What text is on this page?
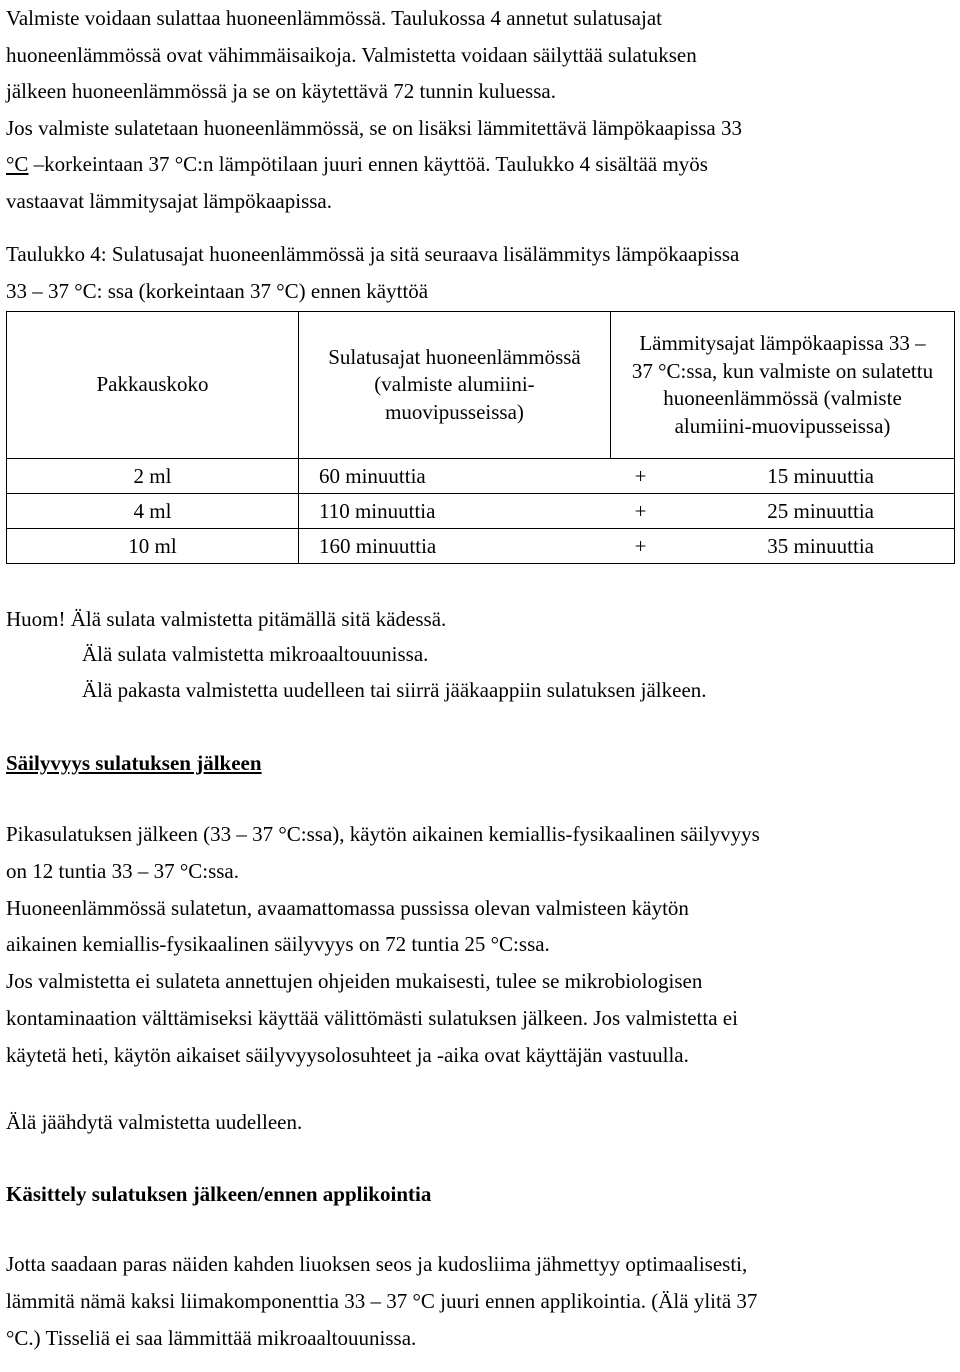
Valmiste voidaan sulattaa huoneenlämmössä. Taulukossa 4 annetut sulatusajat

huoneenlämmössä ovat vähimmäisaikoja. Valmistetta voidaan säilyttää sulatuksen

jälkeen huoneenlämmössä ja se on käytettävä 72 tunnin kuluessa.

Jos valmiste sulatetaan huoneenlämmössä, se on lisäksi lämmitettävä lämpökaapissa 33

°C –korkeintaan 37 °C:n lämpötilaan juuri ennen käyttöä. Taulukko 4 sisältää myös

vastaavat lämmitysajat lämpökaapissa.

Taulukko 4: Sulatusajat huoneenlämmössä ja sitä seuraava lisälämmitys lämpökaapissa

33 – 37 °C: ssa (korkeintaan 37 °C) ennen käyttöä

Pakkauskoko	Sulatusajat huoneenlämmössä (valmiste alumiini-muovipusseissa)	Lämmitysajat lämpökaapissa 33 – 37 °C:ssa, kun valmiste on sulatettu huoneenlämmössä (valmiste alumiini-muovipusseissa)
2 ml	60 minuuttia	+	15 minuuttia
4 ml	110 minuuttia	+	25 minuuttia
10 ml	160 minuuttia	+	35 minuuttia

Huom! Älä sulata valmistetta pitämällä sitä kädessä.

Älä sulata valmistetta mikroaaltouunissa.

Älä pakasta valmistetta uudelleen tai siirrä jääkaappiin sulatuksen jälkeen.

Säilyvyys sulatuksen jälkeen

Pikasulatuksen jälkeen (33 – 37 °C:ssa), käytön aikainen kemiallis-fysikaalinen säilyvyys

on 12 tuntia 33 – 37 °C:ssa.

Huoneenlämmössä sulatetun, avaamattomassa pussissa olevan valmisteen käytön

aikainen kemiallis-fysikaalinen säilyvyys on 72 tuntia 25 °C:ssa.

Jos valmistetta ei sulateta annettujen ohjeiden mukaisesti, tulee se mikrobiologisen

kontaminaation välttämiseksi käyttää välittömästi sulatuksen jälkeen. Jos valmistetta ei

käytetä heti, käytön aikaiset säilyvyysolosuhteet ja -aika ovat käyttäjän vastuulla.

Älä jäähdytä valmistetta uudelleen.

Käsittely sulatuksen jälkeen/ennen applikointia

Jotta saadaan paras näiden kahden liuoksen seos ja kudosliima jähmettyy optimaalisesti,

lämmitä nämä kaksi liimakomponenttia 33 – 37 °C juuri ennen applikointia. (Älä ylitä 37

°C.) Tisseliä ei saa lämmittää mikroaaltouunissa.
